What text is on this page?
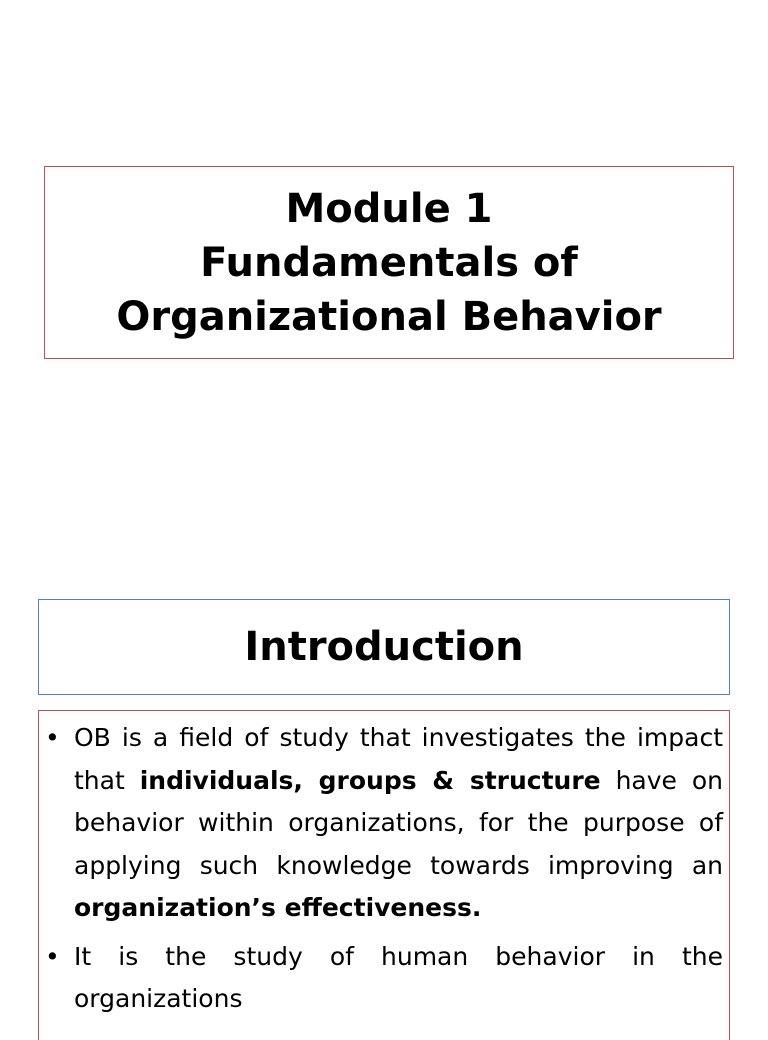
Module 1
Fundamentals of
Organizational Behavior
Introduction
• OB is a field of study that investigates the impact that individuals, groups & structure have on behavior within organizations, for the purpose of applying such knowledge towards improving an organization’s effectiveness.
• It is the study of human behavior in the organizations
